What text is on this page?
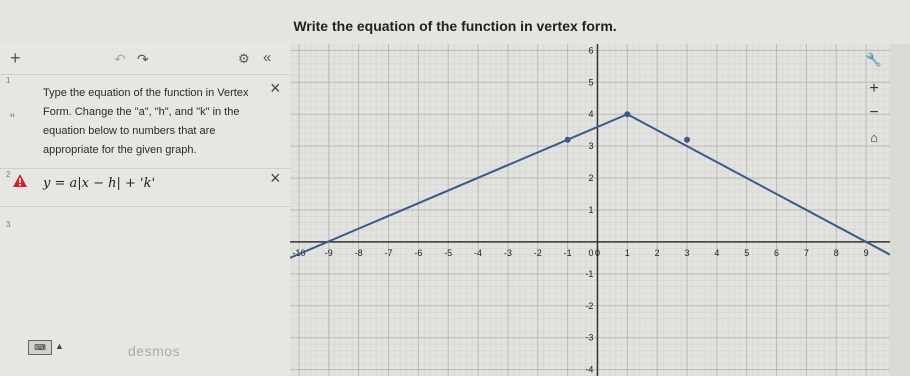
Write the equation of the function in vertex form.
+	↶ ↷	⚙ «
1
“
Type the equation of the function in Vertex Form. Change the "a", "h", and "k" in the equation below to numbers that are appropriate for the given graph.
×
2
y = a|x − h| + 'k'	×
3
⌨	▲	desmos
-10 -9 -8 -7 -6 -5 -4 -3 -2 -1	0	1	2	3	4	5	6	7	8	9
-4
-3
-2
-1
1
2
3
4
5
6
0
🔧
+
−
⌂
